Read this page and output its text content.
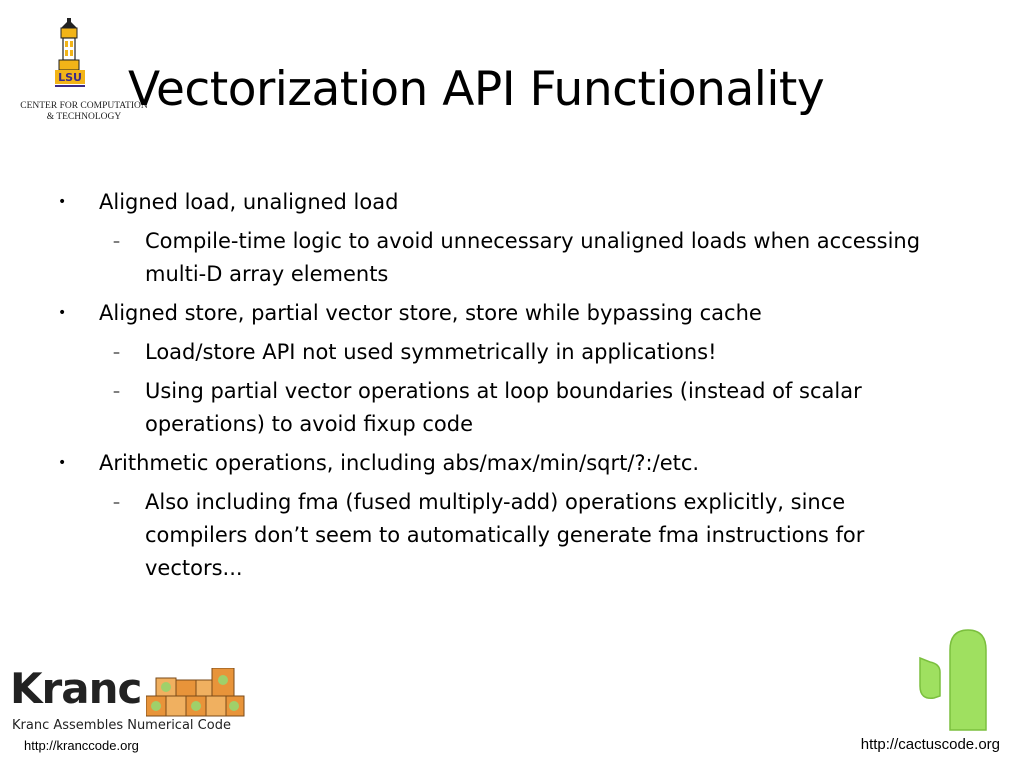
LSU
CENTER FOR COMPUTATION
& TECHNOLOGY Vectorization API Functionality
• Aligned load, unaligned load
– Compile-time logic to avoid unnecessary unaligned loads when accessing multi-D array elements
• Aligned store, partial vector store, store while bypassing cache
– Load/store API not used symmetrically in applications!
– Using partial vector operations at loop boundaries (instead of scalar operations) to avoid fixup code
• Arithmetic operations, including abs/max/min/sqrt/?:/etc.
– Also including fma (fused multiply-add) operations explicitly, since compilers don’t seem to automatically generate fma instructions for vectors...
Kranc
Kranc Assembles Numerical Code
http://kranccode.org	http://cactuscode.org
